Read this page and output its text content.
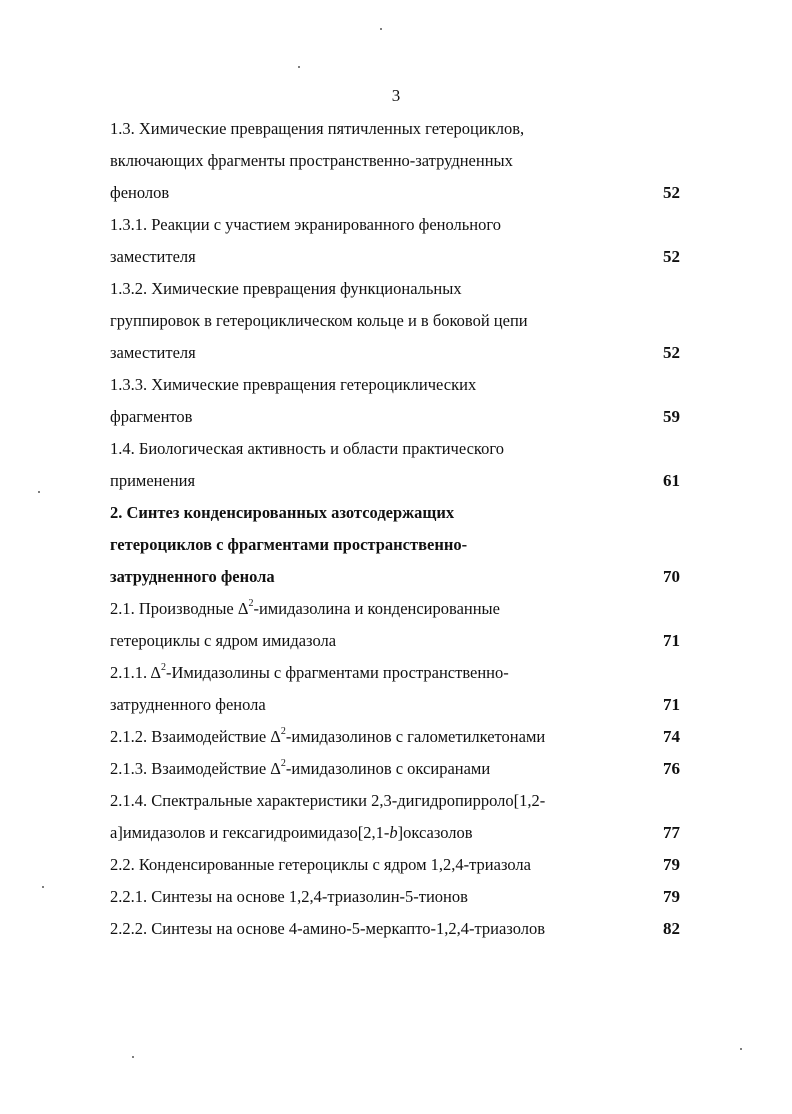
3
1.3. Химические превращения пятичленных гетероциклов,
включающих фрагменты пространственно-затрудненных
фенолов	52
1.3.1. Реакции с участием экранированного фенольного
заместителя	52
1.3.2. Химические превращения функциональных
группировок в гетероциклическом кольце и в боковой цепи
заместителя	52
1.3.3. Химические превращения гетероциклических
фрагментов	59
1.4. Биологическая активность и области практического
применения	61
2. Синтез конденсированных азотсодержащих
гетероциклов с фрагментами пространственно-
затрудненного фенола	70
2.1. Производные $\Delta^2$-имидазолина и конденсированные
гетероциклы с ядром имидазола	71
2.1.1. $\Delta^2$-Имидазолины с фрагментами пространственно-
затрудненного фенола	71
2.1.2. Взаимодействие $\Delta^2$-имидазолинов с галометилкетонами	74
2.1.3. Взаимодействие $\Delta^2$-имидазолинов с оксиранами	76
2.1.4. Спектральные характеристики 2,3-дигидропирроло[1,2-
а]имидазолов и гексагидроимидазо[2,1-b]оксазолов	77
2.2. Конденсированные гетероциклы с ядром 1,2,4-триазола	79
2.2.1. Синтезы на основе 1,2,4-триазолин-5-тионов	79
2.2.2. Синтезы на основе 4-амино-5-меркапто-1,2,4-триазолов	82
